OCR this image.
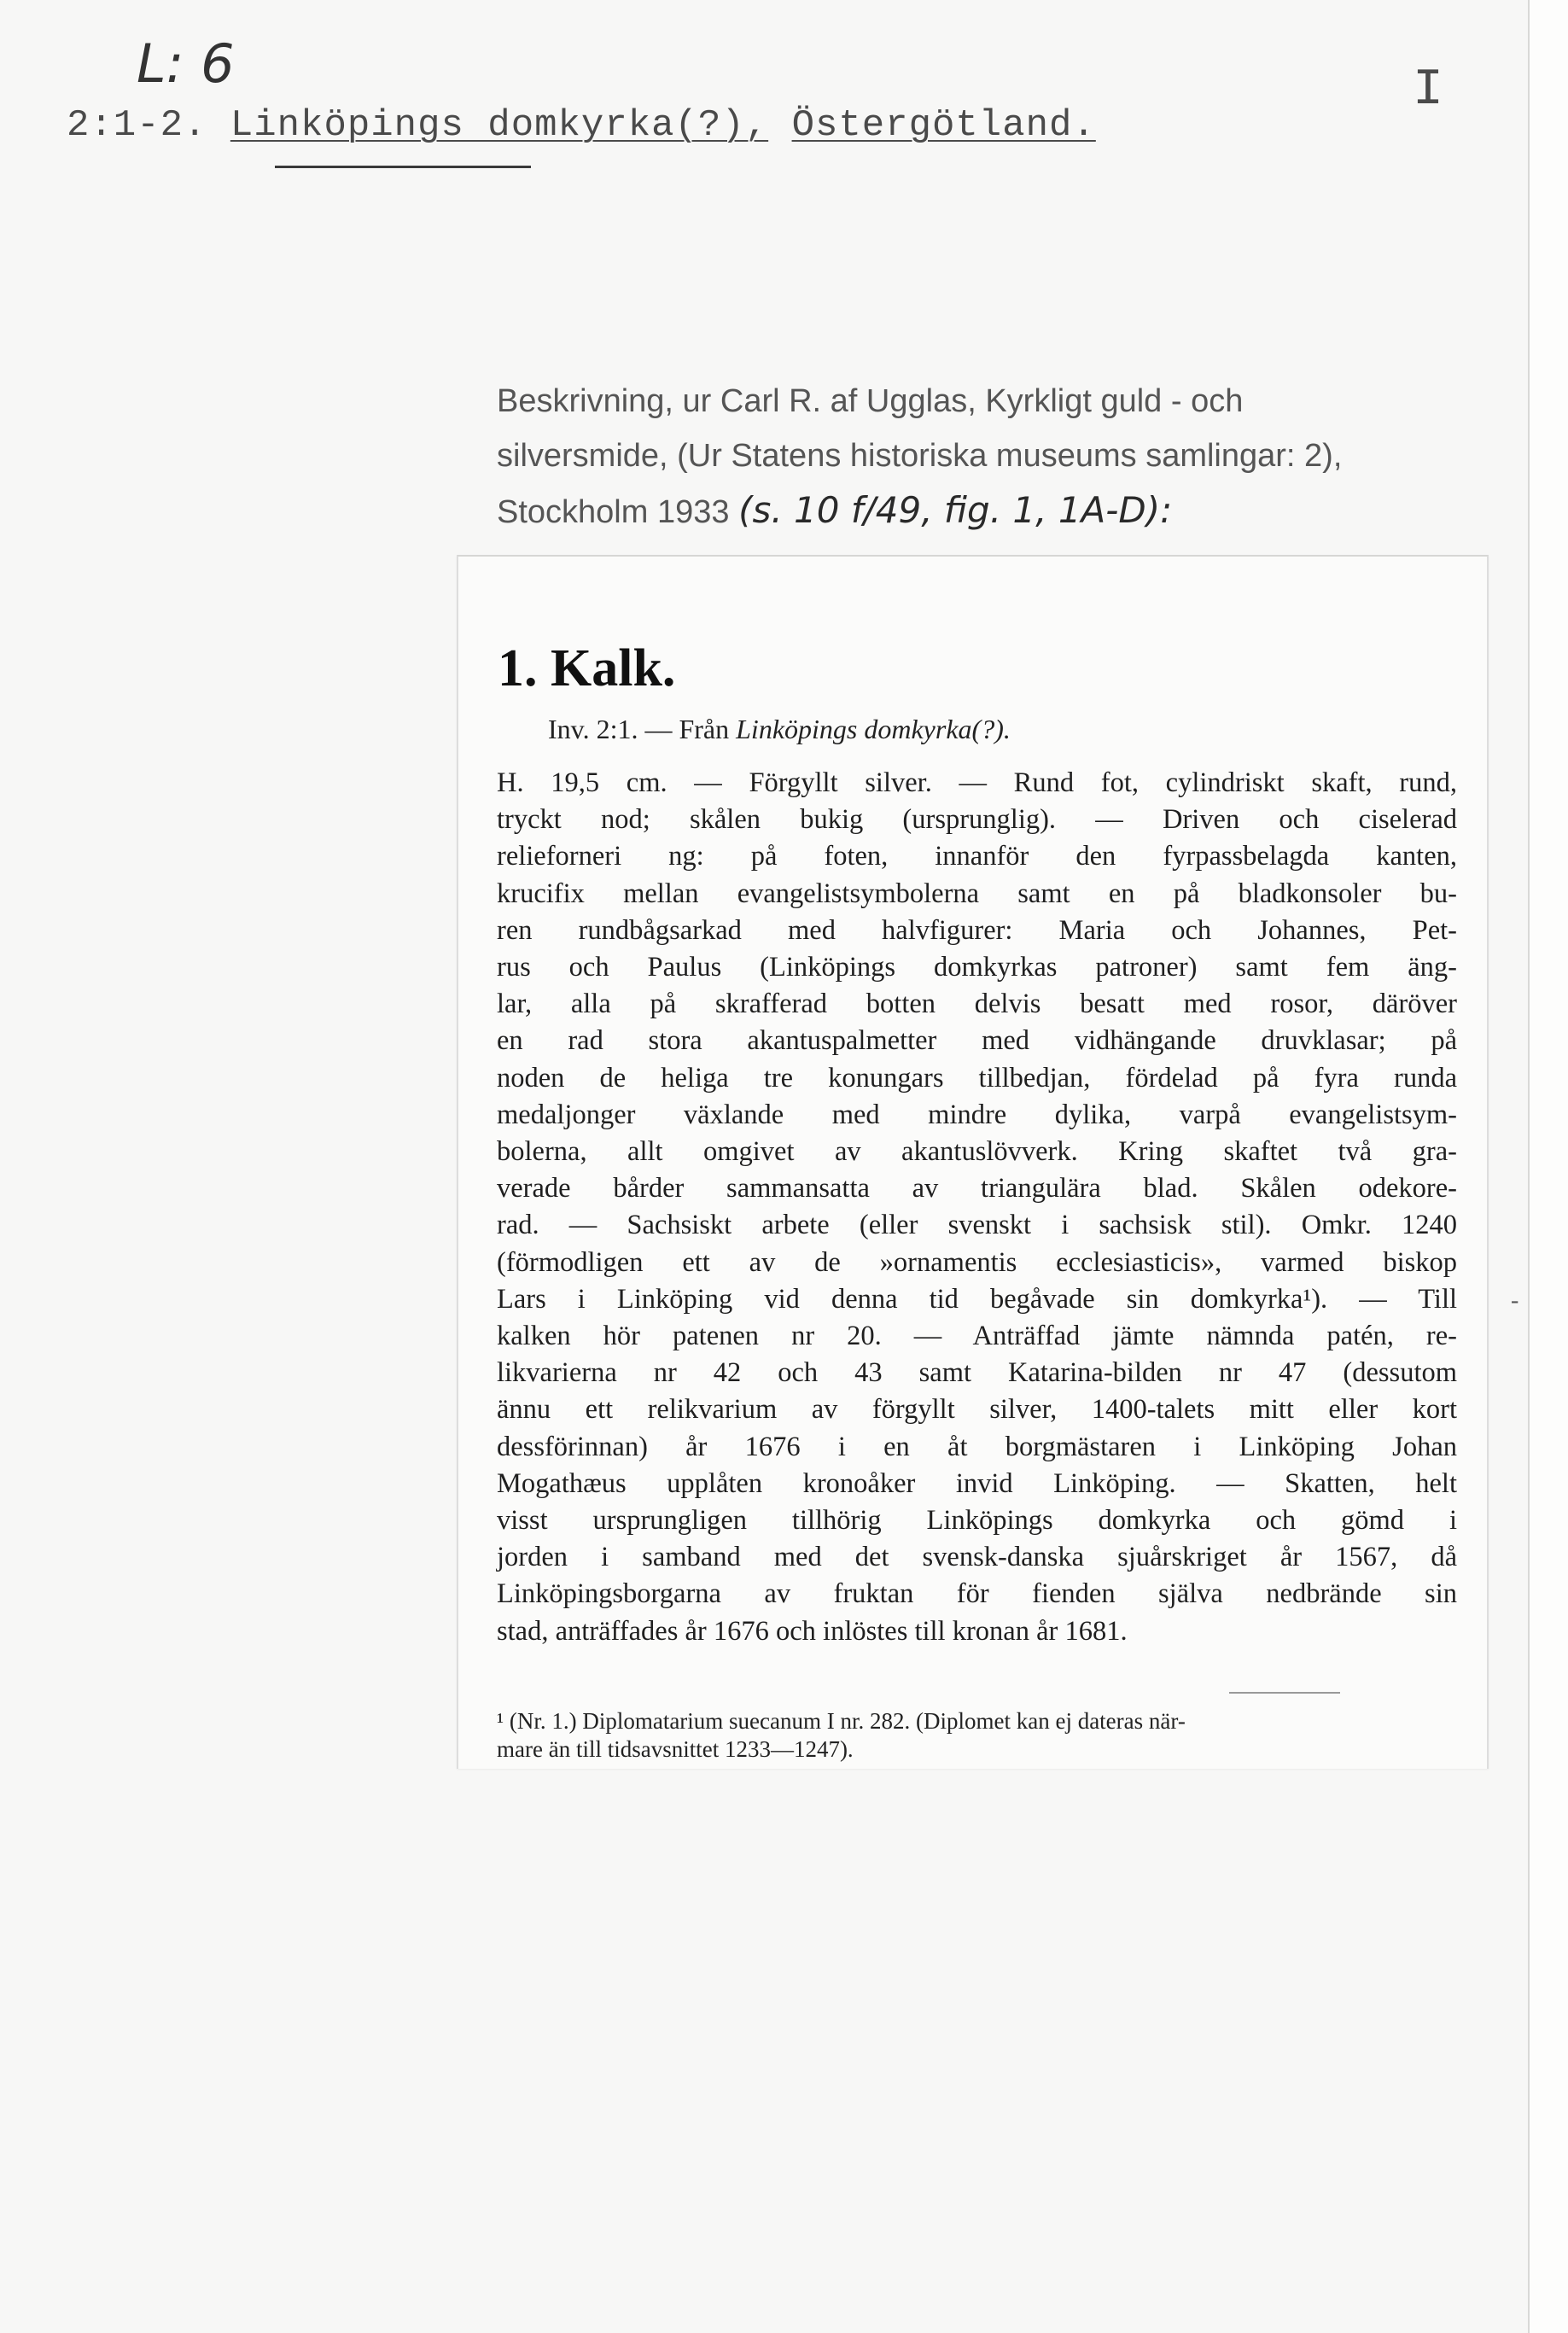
L: 6	I
2:1-2. Linköpings domkyrka(?), Östergötland.
Beskrivning, ur Carl R. af Ugglas, Kyrkligt guld - och
silversmide, (Ur Statens historiska museums samlingar: 2),
Stockholm 1933 (s. 10 f/49, fig. 1, 1A-D):
1. Kalk.
Inv. 2:1. — Från Linköpings domkyrka(?).
H. 19,5 cm. — Förgyllt silver. — Rund fot, cylindriskt skaft, rund,
tryckt nod; skålen bukig (ursprunglig). — Driven och ciselerad
relieforneri ng: på foten, innanför den fyrpassbelagda kanten,
krucifix mellan evangelistsymbolerna samt en på bladkonsoler bu-
ren rundbågsarkad med halvfigurer: Maria och Johannes, Pet-
rus och Paulus (Linköpings domkyrkas patroner) samt fem äng-
lar, alla på skrafferad botten delvis besatt med rosor, däröver
en rad stora akantuspalmetter med vidhängande druvklasar; på
noden de heliga tre konungars tillbedjan, fördelad på fyra runda
medaljonger växlande med mindre dylika, varpå evangelistsym-
bolerna, allt omgivet av akantuslövverk. Kring skaftet två gra-
verade bårder sammansatta av triangulära blad. Skålen odekore-
rad. — Sachsiskt arbete (eller svenskt i sachsisk stil). Omkr. 1240
(förmodligen ett av de »ornamentis ecclesiasticis», varmed biskop
Lars i Linköping vid denna tid begåvade sin domkyrka¹). — Till
kalken hör patenen nr 20. — Anträffad jämte nämnda patén, re-
likvarierna nr 42 och 43 samt Katarina-bilden nr 47 (dessutom
ännu ett relikvarium av förgyllt silver, 1400-talets mitt eller kort
dessförinnan) år 1676 i en åt borgmästaren i Linköping Johan
Mogathæus upplåten kronoåker invid Linköping. — Skatten, helt
visst ursprungligen tillhörig Linköpings domkyrka och gömd i
jorden i samband med det svensk-danska sjuårskriget år 1567, då
Linköpingsborgarna av fruktan för fienden själva nedbrände sin
stad, anträffades år 1676 och inlöstes till kronan år 1681.
¹ (Nr. 1.) Diplomatarium suecanum I nr. 282. (Diplomet kan ej dateras när-
mare än till tidsavsnittet 1233—1247).
-
